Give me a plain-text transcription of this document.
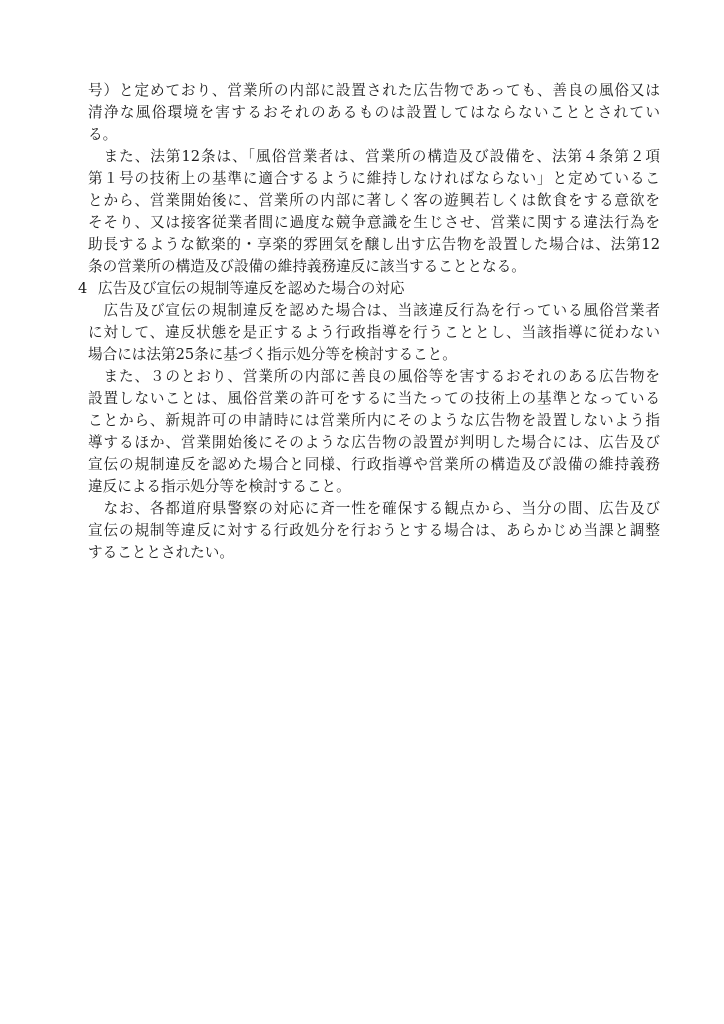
号）と定めており、営業所の内部に設置された広告物であっても、善良の風俗又は
清浄な風俗環境を害するおそれのあるものは設置してはならないこととされてい
る。
　また、法第12条は、「風俗営業者は、営業所の構造及び設備を、法第４条第２項
第１号の技術上の基準に適合するように維持しなければならない」と定めているこ
とから、営業開始後に、営業所の内部に著しく客の遊興若しくは飲食をする意欲を
そそり、又は接客従業者間に過度な競争意識を生じさせ、営業に関する違法行為を
助長するような歓楽的・享楽的雰囲気を醸し出す広告物を設置した場合は、法第12
条の営業所の構造及び設備の維持義務違反に該当することとなる。
4 広告及び宣伝の規制等違反を認めた場合の対応
　広告及び宣伝の規制違反を認めた場合は、当該違反行為を行っている風俗営業者
に対して、違反状態を是正するよう行政指導を行うこととし、当該指導に従わない
場合には法第25条に基づく指示処分等を検討すること。
　また、３のとおり、営業所の内部に善良の風俗等を害するおそれのある広告物を
設置しないことは、風俗営業の許可をするに当たっての技術上の基準となっている
ことから、新規許可の申請時には営業所内にそのような広告物を設置しないよう指
導するほか、営業開始後にそのような広告物の設置が判明した場合には、広告及び
宣伝の規制違反を認めた場合と同様、行政指導や営業所の構造及び設備の維持義務
違反による指示処分等を検討すること。
　なお、各都道府県警察の対応に斉一性を確保する観点から、当分の間、広告及び
宣伝の規制等違反に対する行政処分を行おうとする場合は、あらかじめ当課と調整
することとされたい。
